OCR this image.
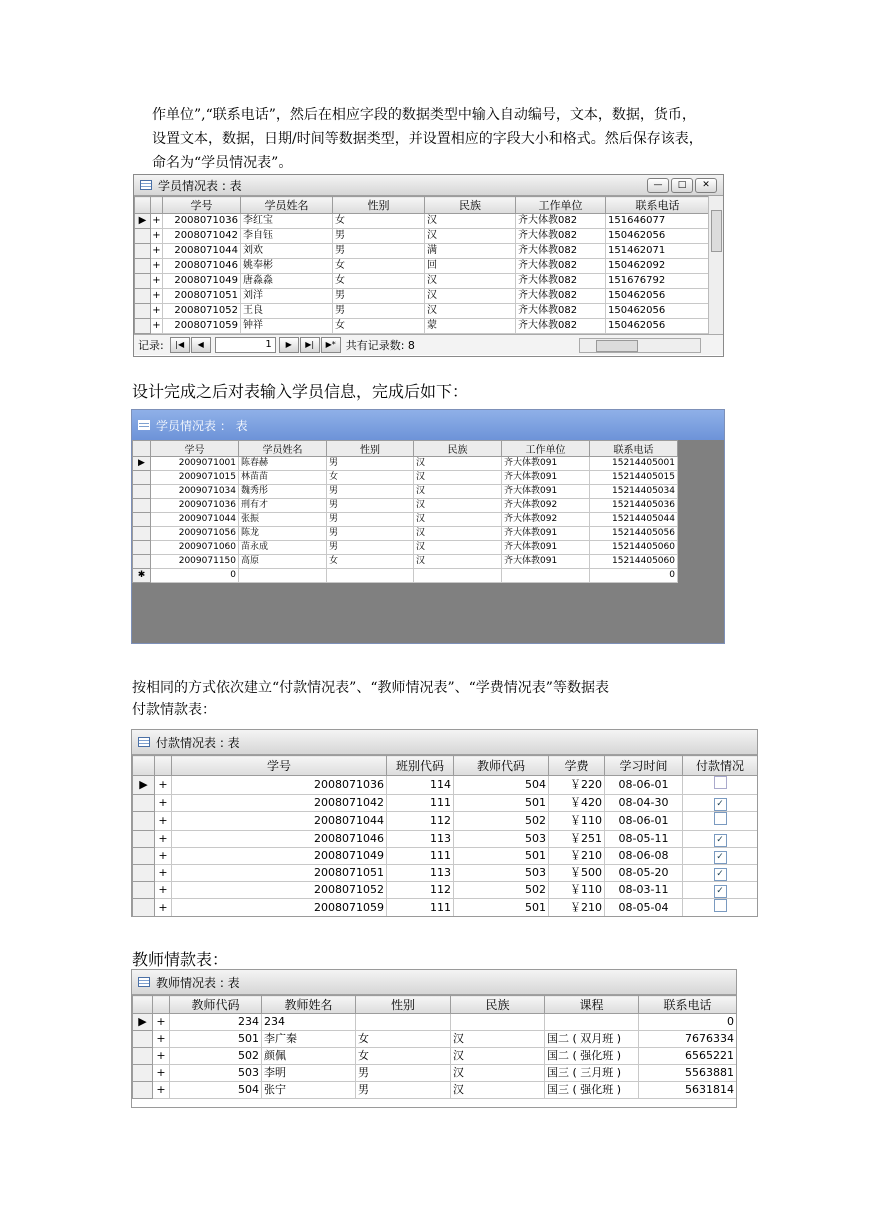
作单位”,“联系电话”，然后在相应字段的数据类型中输入自动编号，文本，数据，货币，
设置文本，数据，日期/时间等数据类型，并设置相应的字段大小和格式。然后保存该表，
命名为“学员情况表”。
学员情况表 : 表	—	□	✕
		学号	学员姓名	性别	民族	工作单位	联系电话
▶	+	2008071036	李红宝	女	汉	齐大体教082	151646077
	+	2008071042	李自钰	男	汉	齐大体教082	150462056
	+	2008071044	刘欢	男	满	齐大体教082	151462071
	+	2008071046	姚奉彬	女	回	齐大体教082	150462092
	+	2008071049	唐淼淼	女	汉	齐大体教082	151676792
	+	2008071051	刘洋	男	汉	齐大体教082	150462056
	+	2008071052	王良	男	汉	齐大体教082	150462056
	+	2008071059	钟祥	女	蒙	齐大体教082	150462056
记录:	|◀	◀	1	▶	▶|	▶* 共有记录数: 8
设计完成之后对表输入学员信息，完成后如下：
学员情况表 ： 表
	学号	学员姓名	性别	民族	工作单位	联系电话
▶	2009071001	陈春赫	男	汉	齐大体教091	15214405001
	2009071015	林苗苗	女	汉	齐大体教091	15214405015
	2009071034	魏秀彤	男	汉	齐大体教091	15214405034
	2009071036	刑有才	男	汉	齐大体教092	15214405036
	2009071044	张振	男	汉	齐大体教092	15214405044
	2009071056	陈龙	男	汉	齐大体教091	15214405056
	2009071060	苗永成	男	汉	齐大体教091	15214405060
	2009071150	高原	女	汉	齐大体教091	15214405060
✱	0					0
按相同的方式依次建立“付款情况表”、“教师情况表”、“学费情况表”等数据表
付款情款表：
付款情况表 : 表
		学号	班别代码	教师代码	学费	学习时间	付款情况
▶	+	2008071036	114	504	￥220	08-06-01	
	+	2008071042	111	501	￥420	08-04-30	✓
	+	2008071044	112	502	￥110	08-06-01	
	+	2008071046	113	503	￥251	08-05-11	✓
	+	2008071049	111	501	￥210	08-06-08	✓
	+	2008071051	113	503	￥500	08-05-20	✓
	+	2008071052	112	502	￥110	08-03-11	✓
	+	2008071059	111	501	￥210	08-05-04	
教师情款表：
教师情况表 : 表
		教师代码	教师姓名	性别	民族	课程	联系电话
▶	+	234	234				0
	+	501	李广秦	女	汉	国二 ( 双月班 )	7676334
	+	502	颜佩	女	汉	国二 ( 强化班 )	6565221
	+	503	李明	男	汉	国三 ( 三月班 )	5563881
	+	504	张宁	男	汉	国三 ( 强化班 )	5631814
